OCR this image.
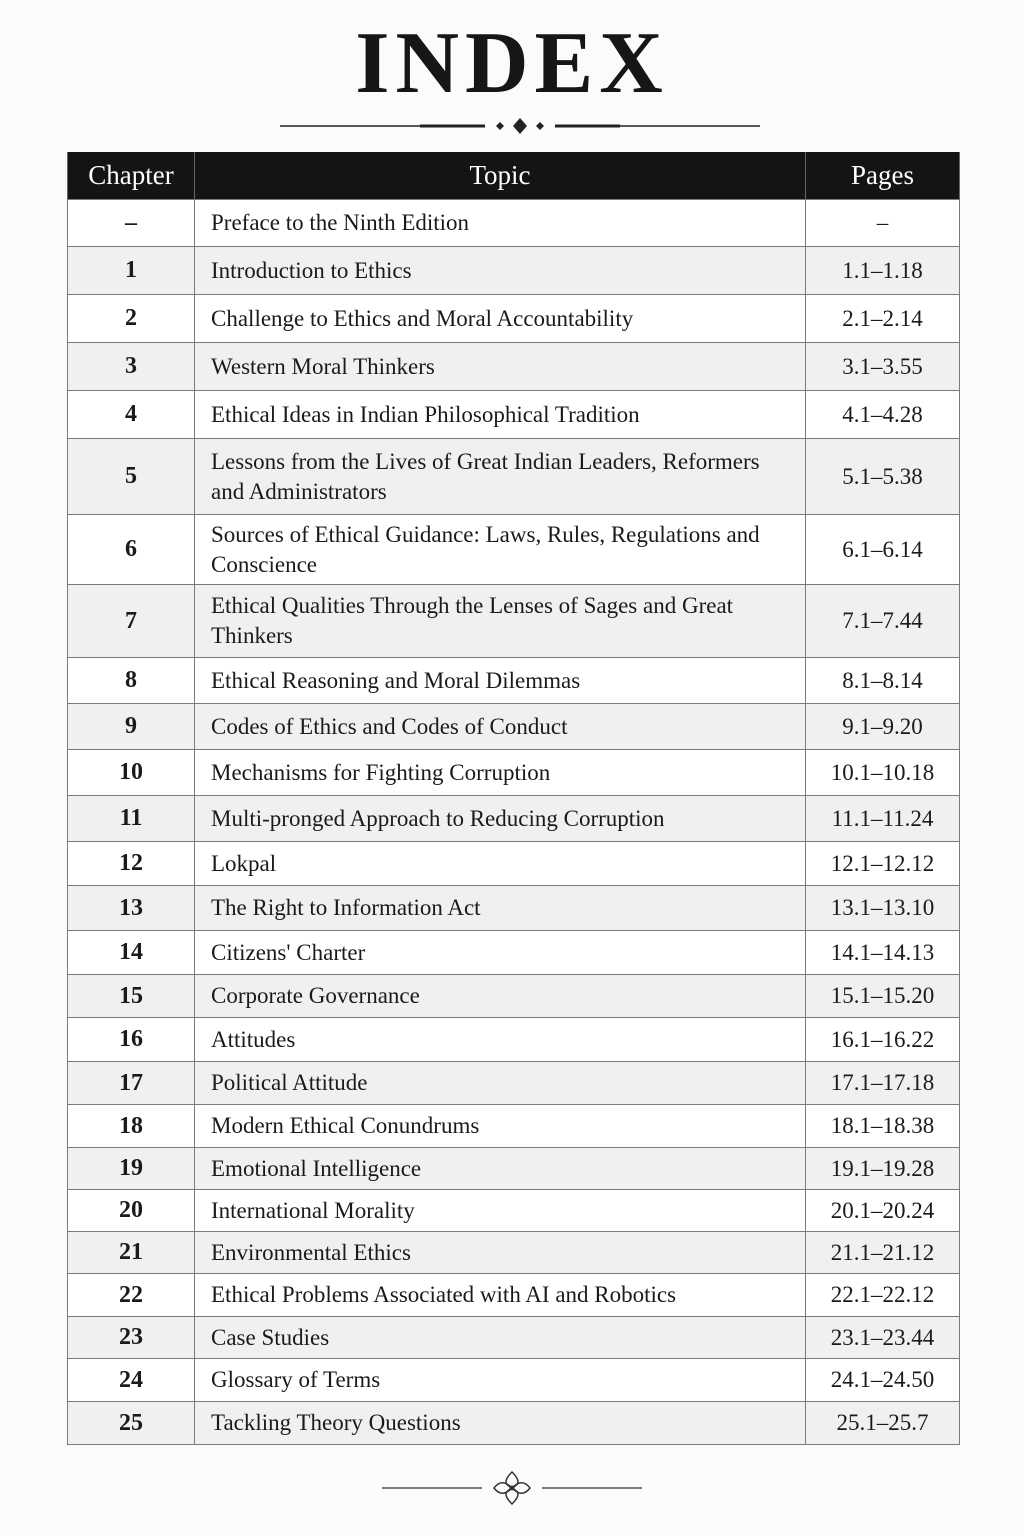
INDEX
Chapter	Topic	Pages
–	Preface to the Ninth Edition	–
1	Introduction to Ethics	1.1–1.18
2	Challenge to Ethics and Moral Accountability	2.1–2.14
3	Western Moral Thinkers	3.1–3.55
4	Ethical Ideas in Indian Philosophical Tradition	4.1–4.28
5	Lessons from the Lives of Great Indian Leaders, Reformers and Administrators	5.1–5.38
6	Sources of Ethical Guidance: Laws, Rules, Regulations and Conscience	6.1–6.14
7	Ethical Qualities Through the Lenses of Sages and Great Thinkers	7.1–7.44
8	Ethical Reasoning and Moral Dilemmas	8.1–8.14
9	Codes of Ethics and Codes of Conduct	9.1–9.20
10	Mechanisms for Fighting Corruption	10.1–10.18
11	Multi-pronged Approach to Reducing Corruption	11.1–11.24
12	Lokpal	12.1–12.12
13	The Right to Information Act	13.1–13.10
14	Citizens' Charter	14.1–14.13
15	Corporate Governance	15.1–15.20
16	Attitudes	16.1–16.22
17	Political Attitude	17.1–17.18
18	Modern Ethical Conundrums	18.1–18.38
19	Emotional Intelligence	19.1–19.28
20	International Morality	20.1–20.24
21	Environmental Ethics	21.1–21.12
22	Ethical Problems Associated with AI and Robotics	22.1–22.12
23	Case Studies	23.1–23.44
24	Glossary of Terms	24.1–24.50
25	Tackling Theory Questions	25.1–25.7
